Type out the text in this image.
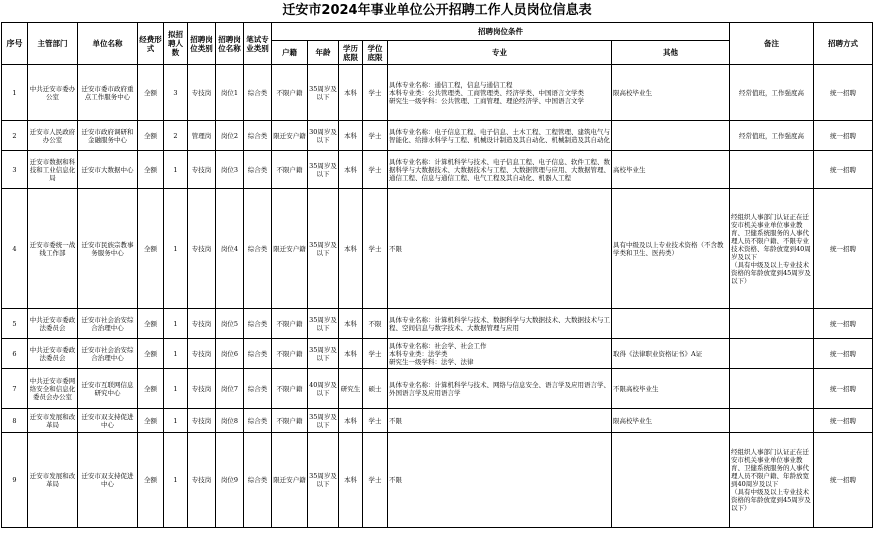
迁安市2024年事业单位公开招聘工作人员岗位信息表
序号	主管部门	单位名称	经费形式	拟招聘人数	招聘岗位类别	招聘岗位名称	笔试专业类别	招聘岗位条件						备注	招聘方式
								户籍	年龄	学历底限	学位底限	专业	其他		
1	中共迁安市委办公室	迁安市委市政府重点工作服务中心	全额	3	专技岗	岗位1	综合类	不限户籍	35周岁及以下	本科	学士	具体专业名称：通信工程，信息与通信工程
本科专业类：公共管理类、工商管理类、经济学类、中国语言文学类
研究生一级学科：公共管理、工商管理、理论经济学、中国语言文学	限高校毕业生	经常值班，工作强度高	统一招聘
2	迁安市人民政府办公室	迁安市政府调研和金融服务中心	全额	2	管理岗	岗位2	综合类	限迁安户籍	30周岁及以下	本科	学士	具体专业名称：电子信息工程、电子信息、土木工程、工程管理、建筑电气与智能化、给排水科学与工程、机械设计制造及其自动化、机械制造及其自动化		经常值班，工作强度高	统一招聘
3	迁安市数据和科技和工业信息化局	迁安市大数据中心	全额	1	专技岗	岗位3	综合类	不限户籍	35周岁及以下	本科	学士	具体专业名称：计算机科学与技术、电子信息工程、电子信息、软件工程、数据科学与大数据技术、大数据技术与工程、大数据管理与应用、大数据管理、通信工程、信息与通信工程、电气工程及其自动化、机器人工程	高校毕业生		统一招聘
4	迁安市委统一战线工作部	迁安市民族宗教事务服务中心	全额	1	专技岗	岗位4	综合类	限迁安户籍	35周岁及以下	本科	学士	不限	具有中级及以上专业技术资格（不含教学类和卫生、医药类）	经组织人事部门认证正在迁安市机关事业单位事业教育、卫健系统服务的人事代理人员不限户籍、不限专业技术资格、年龄放宽到40周岁及以下
（具有中级及以上专业技术资格的年龄放宽到45周岁及以下）	统一招聘
5	中共迁安市委政法委员会	迁安市社会治安综合治理中心	全额	1	专技岗	岗位5	综合类	不限户籍	35周岁及以下	本科	不限	具体专业名称：计算机科学与技术、数据科学与大数据技术、大数据技术与工程、空间信息与数字技术、大数据管理与应用			统一招聘
6	中共迁安市委政法委员会	迁安市社会治安综合治理中心	全额	1	专技岗	岗位6	综合类	不限户籍	35周岁及以下	本科	学士	具体专业名称：社会学、社会工作
本科专业类：法学类
研究生一级学科：法学、法律	取得《法律职业资格证书》A证		统一招聘
7	中共迁安市委网络安全和信息化委员会办公室	迁安市互联网信息研究中心	全额	1	专技岗	岗位7	综合类	不限户籍	40周岁及以下	研究生	硕士	具体专业名称：计算机科学与技术、网络与信息安全、语言学及应用语言学、外国语言学及应用语言学	不限高校毕业生		统一招聘
8	迁安市发展和改革局	迁安市双支持促进中心	全额	1	专技岗	岗位8	综合类	不限户籍	35周岁及以下	本科	学士	不限	限高校毕业生		统一招聘
9	迁安市发展和改革局	迁安市双支持促进中心	全额	1	专技岗	岗位9	综合类	限迁安户籍	35周岁及以下	本科	学士	不限		经组织人事部门认证正在迁安市机关事业单位事业教育、卫健系统服务的人事代理人员不限户籍、年龄放宽到40周岁及以下
（具有中级及以上专业技术资格的年龄放宽到45周岁及以下）	统一招聘
